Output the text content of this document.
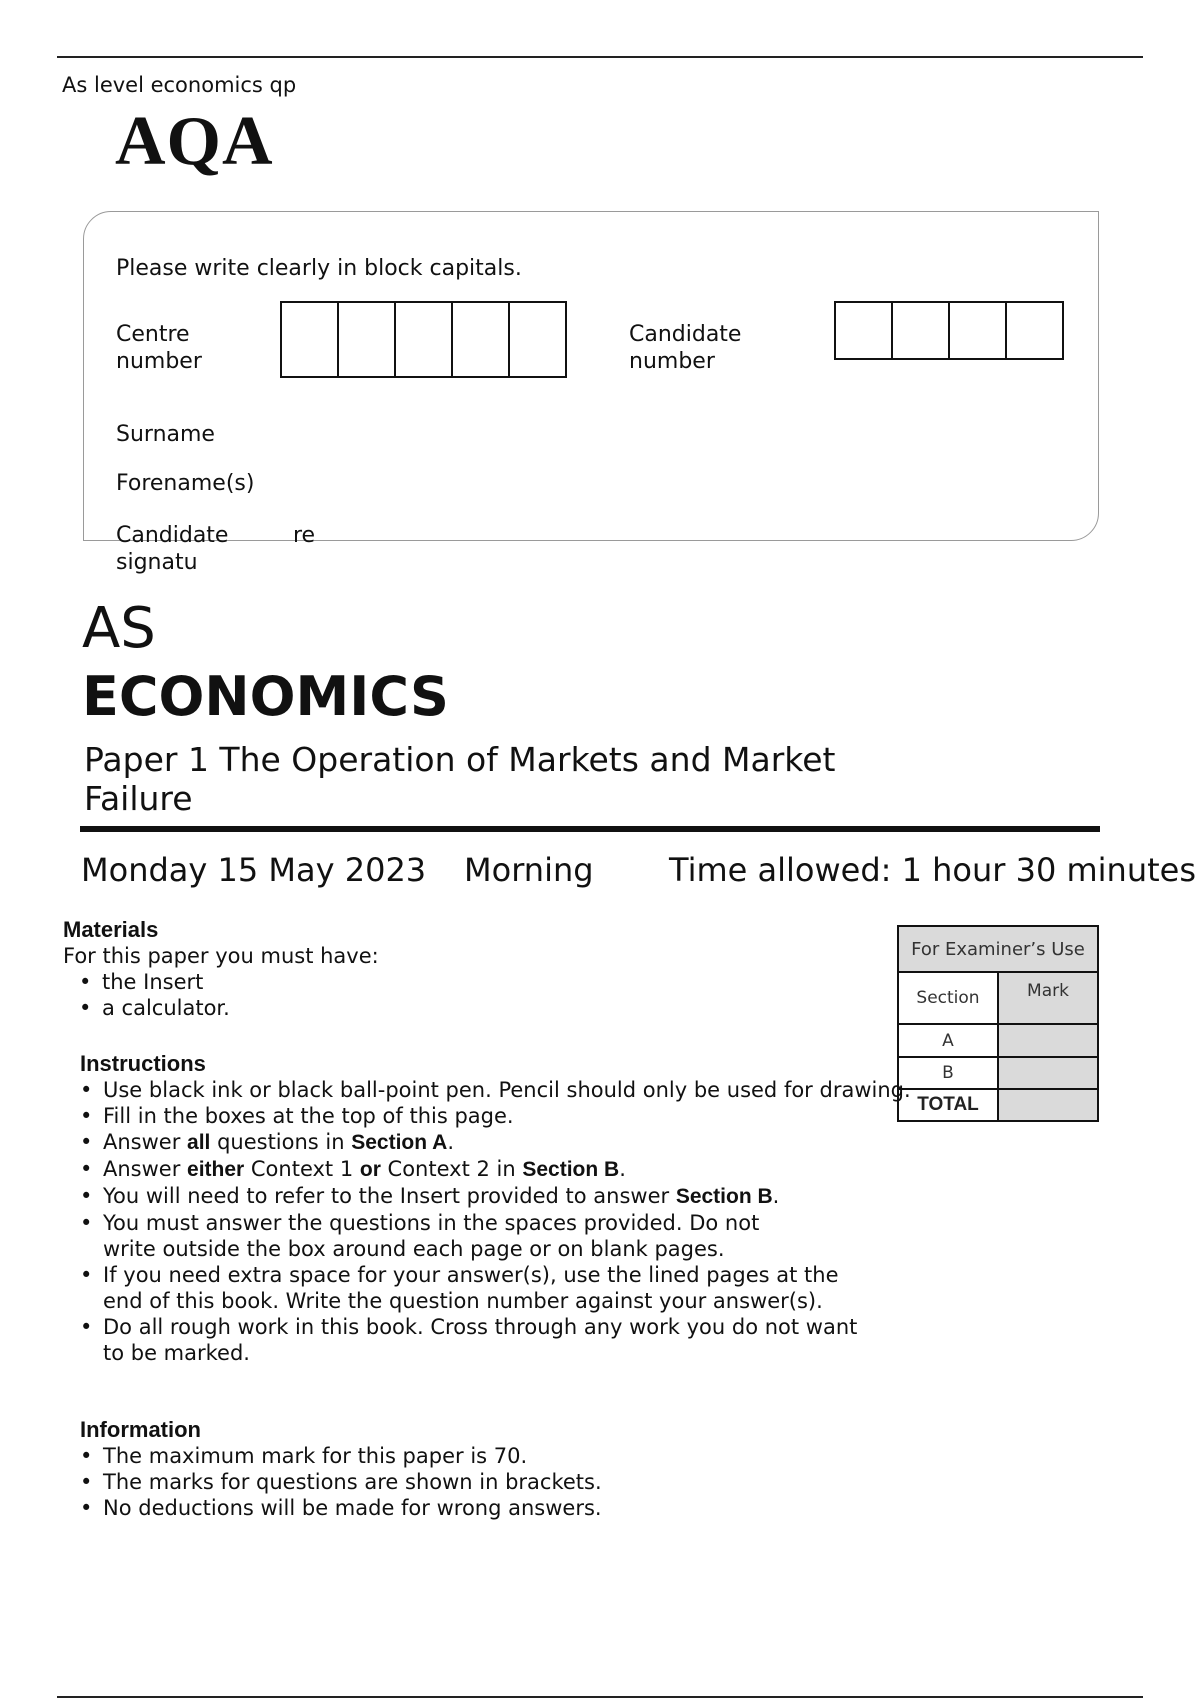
As level economics qp
AQA
Please write clearly in block capitals.
Centre
number
Candidate
number
Surname
Forename(s)
Candidate
signatu
re
AS
ECONOMICS
Paper 1 The Operation of Markets and Market Failure
Monday 15 May 2023 Morning Time allowed: 1 hour 30 minutes
Materials
For this paper you must have:
• the Insert
• a calculator.
Instructions
• Use black ink or black ball-point pen. Pencil should only be used for drawing.
• Fill in the boxes at the top of this page.
• Answer all questions in Section A.
• Answer either Context 1 or Context 2 in Section B.
• You will need to refer to the Insert provided to answer Section B.
• You must answer the questions in the spaces provided. Do not write outside the box around each page or on blank pages.
• If you need extra space for your answer(s), use the lined pages at the end of this book. Write the question number against your answer(s).
• Do all rough work in this book. Cross through any work you do not want to be marked.
Information
• The maximum mark for this paper is 70.
• The marks for questions are shown in brackets.
• No deductions will be made for wrong answers.
For Examiner’s Use	

Section	Mark
A	
B	
TOTAL	
